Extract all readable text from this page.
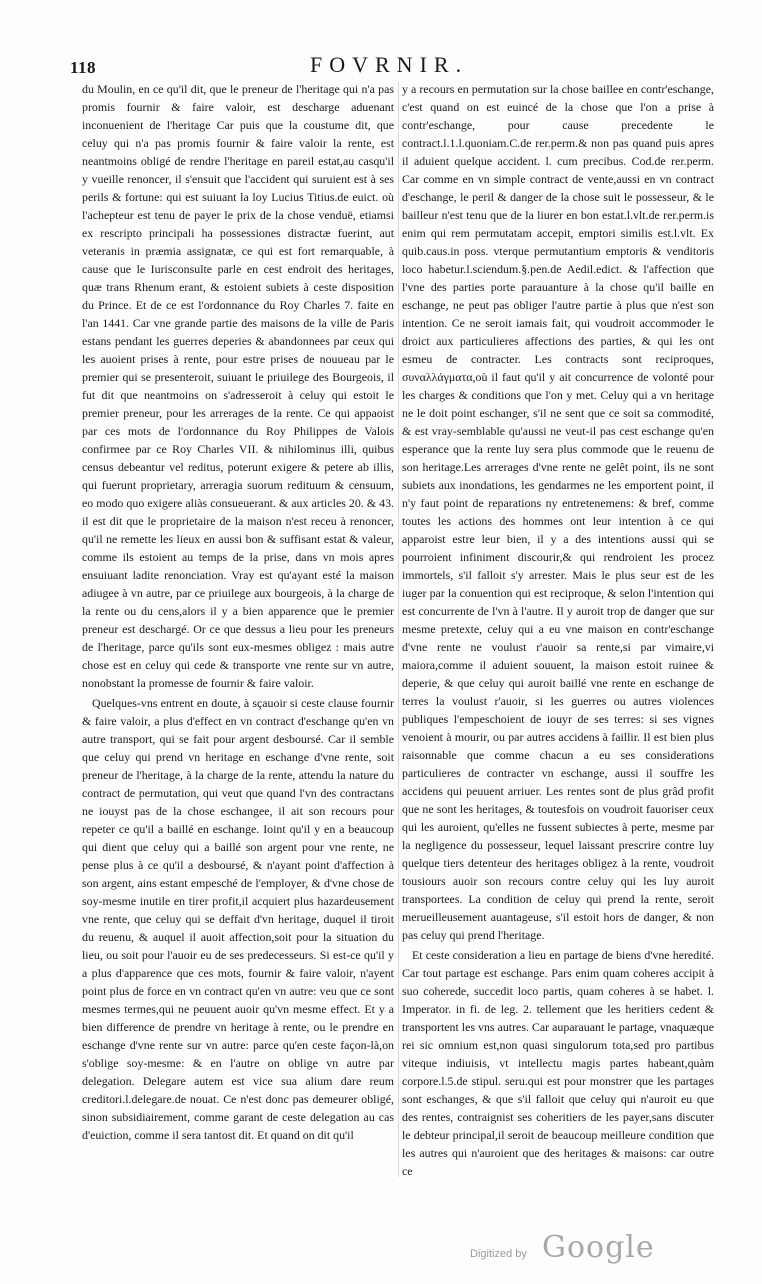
118	FOVRNIR.

du Moulin, en ce qu'il dit, que le preneur de l'heritage qui n'a pas promis fournir & faire valoir, est descharge aduenant inconuenient de l'heritage Car puis que la coustume dit, que celuy qui n'a pas promis fournir & faire valoir la rente, est neantmoins obligé de rendre l'heritage en pareil estat,au casqu'il y vueille renoncer, il s'ensuit que l'accident qui suruient est à ses perils & fortune: qui est suiuant la loy Lucius Titius.de euict. où l'achepteur est tenu de payer le prix de la chose venduë, etiamsi ex rescripto principali ha possessiones distractæ fuerint, aut veteranis in præmia assignatæ, ce qui est fort remarquable, à cause que le Iurisconsulte parle en cest endroit des heritages, quæ trans Rhenum erant, & estoient subiets à ceste disposition du Prince. Et de ce est l'ordonnance du Roy Charles 7. faite en l'an 1441. Car vne grande partie des maisons de la ville de Paris estans pendant les guerres deperies & abandonnees par ceux qui les auoient prises à rente, pour estre prises de nouueau par le premier qui se presenteroit, suiuant le priuilege des Bourgeois, il fut dit que neantmoins on s'adresseroit à celuy qui estoit le premier preneur, pour les arrerages de la rente. Ce qui appaoist par ces mots de l'ordonnance du Roy Philippes de Valois confirmee par ce Roy Charles VII. & nihilominus illi, quibus census debeantur vel reditus, poterunt exigere & petere ab illis, qui fuerunt proprietary, arreragia suorum redituum & censuum, eo modo quo exigere aliàs consueuerant. & aux articles 20. & 43. il est dit que le proprietaire de la maison n'est receu à renoncer, qu'il ne remette les lieux en aussi bon & suffisant estat & valeur, comme ils estoient au temps de la prise, dans vn mois apres ensuiuant ladite renonciation. Vray est qu'ayant esté la maison adiugee à vn autre, par ce priuilege aux bourgeois, à la charge de la rente ou du cens,alors il y a bien apparence que le premier preneur est deschargé. Or ce que dessus a lieu pour les preneurs de l'heritage, parce qu'ils sont eux-mesmes obligez : mais autre chose est en celuy qui cede & transporte vne rente sur vn autre, nonobstant la promesse de fournir & faire valoir.

Quelques-vns entrent en doute, à sçauoir si ceste clause fournir & faire valoir, a plus d'effect en vn contract d'eschange qu'en vn autre transport, qui se fait pour argent desboursé. Car il semble que celuy qui prend vn heritage en eschange d'vne rente, soit preneur de l'heritage, à la charge de la rente, attendu la nature du contract de permutation, qui veut que quand l'vn des contractans ne iouyst pas de la chose eschangee, il ait son recours pour repeter ce qu'il a baillé en eschange. Ioint qu'il y en a beaucoup qui dient que celuy qui a baillé son argent pour vne rente, ne pense plus à ce qu'il a desboursé, & n'ayant point d'affection à son argent, ains estant empesché de l'employer, & d'vne chose de soy-mesme inutile en tirer profit,il acquiert plus hazardeusement vne rente, que celuy qui se deffait d'vn heritage, duquel il tiroit du reuenu, & auquel il auoit affection,soit pour la situation du lieu, ou soit pour l'auoir eu de ses predecesseurs. Si est-ce qu'il y a plus d'apparence que ces mots, fournir & faire valoir, n'ayent point plus de force en vn contract qu'en vn autre: veu que ce sont mesmes termes,qui ne peuuent auoir qu'vn mesme effect. Et y a bien difference de prendre vn heritage à rente, ou le prendre en eschange d'vne rente sur vn autre: parce qu'en ceste façon-là,on s'oblige soy-mesme: & en l'autre on oblige vn autre par delegation. Delegare autem est vice sua alium dare reum creditori.l.delegare.de nouat. Ce n'est donc pas demeurer obligé, sinon subsidiairement, comme garant de ceste delegation au cas d'euiction, comme il sera tantost dit. Et quand on dit qu'il

y a recours en permutation sur la chose baillee en contr'eschange, c'est quand on est euincé de la chose que l'on a prise à contr'eschange, pour cause precedente le contract.l.1.l.quoniam.C.de rer.perm.& non pas quand puis apres il aduient quelque accident. l. cum precibus. Cod.de rer.perm. Car comme en vn simple contract de vente,aussi en vn contract d'eschange, le peril & danger de la chose suit le possesseur, & le bailleur n'est tenu que de la liurer en bon estat.l.vlt.de rer.perm.is enim qui rem permutatam accepit, emptori similis est.l.vlt. Ex quib.caus.in poss. vterque permutantium emptoris & venditoris loco habetur.l.sciendum.§.pen.de Aedil.edict. & l'affection que l'vne des parties porte parauanture à la chose qu'il baille en eschange, ne peut pas obliger l'autre partie à plus que n'est son intention. Ce ne seroit iamais fait, qui voudroit accommoder le droict aux particulieres affections des parties, & qui les ont esmeu de contracter. Les contracts sont reciproques, συναλλάγματα,où il faut qu'il y ait concurrence de volonté pour les charges & conditions que l'on y met. Celuy qui a vn heritage ne le doit point eschanger, s'il ne sent que ce soit sa commodité, & est vray-semblable qu'aussi ne veut-il pas cest eschange qu'en esperance que la rente luy sera plus commode que le reuenu de son heritage.Les arrerages d'vne rente ne gelêt point, ils ne sont subiets aux inondations, les gendarmes ne les emportent point, il n'y faut point de reparations ny entretenemens: & bref, comme toutes les actions des hommes ont leur intention à ce qui apparoist estre leur bien, il y a des intentions aussi qui se pourroient infiniment discourir,& qui rendroient les procez immortels, s'il falloit s'y arrester. Mais le plus seur est de les iuger par la conuention qui est reciproque, & selon l'intention qui est concurrente de l'vn à l'autre. Il y auroit trop de danger que sur mesme pretexte, celuy qui a eu vne maison en contr'eschange d'vne rente ne voulust r'auoir sa rente,si par vimaire,vi maiora,comme il aduient souuent, la maison estoit ruinee & deperie, & que celuy qui auroit baillé vne rente en eschange de terres la voulust r'auoir, si les guerres ou autres violences publiques l'empeschoient de iouyr de ses terres: si ses vignes venoient à mourir, ou par autres accidens à faillir. Il est bien plus raisonnable que comme chacun a eu ses considerations particulieres de contracter vn eschange, aussi il souffre les accidens qui peuuent arriuer. Les rentes sont de plus grâd profit que ne sont les heritages, & toutesfois on voudroit fauoriser ceux qui les auroient, qu'elles ne fussent subiectes à perte, mesme par la negligence du possesseur, lequel laissant prescrire contre luy quelque tiers detenteur des heritages obligez à la rente, voudroit tousiours auoir son recours contre celuy qui les luy auroit transportees. La condition de celuy qui prend la rente, seroit merueilleusement auantageuse, s'il estoit hors de danger, & non pas celuy qui prend l'heritage.

Et ceste consideration a lieu en partage de biens d'vne heredité. Car tout partage est eschange. Pars enim quam coheres accipit à suo coherede, succedit loco partis, quam coheres à se habet. l. Imperator. in fi. de leg. 2. tellement que les heritiers cedent & transportent les vns autres. Car auparauant le partage, vnaquæque rei sic omnium est,non quasi singulorum tota,sed pro partibus viteque indiuisis, vt intellectu magis partes habeant,quàm corpore.l.5.de stipul. seru.qui est pour monstrer que les partages sont eschanges, & que s'il falloit que celuy qui n'auroit eu que des rentes, contraignist ses coheritiers de les payer,sans discuter le debteur principal,il seroit de beaucoup meilleure condition que les autres qui n'auroient que des heritages & maisons: car outre ce

Digitized by Google
